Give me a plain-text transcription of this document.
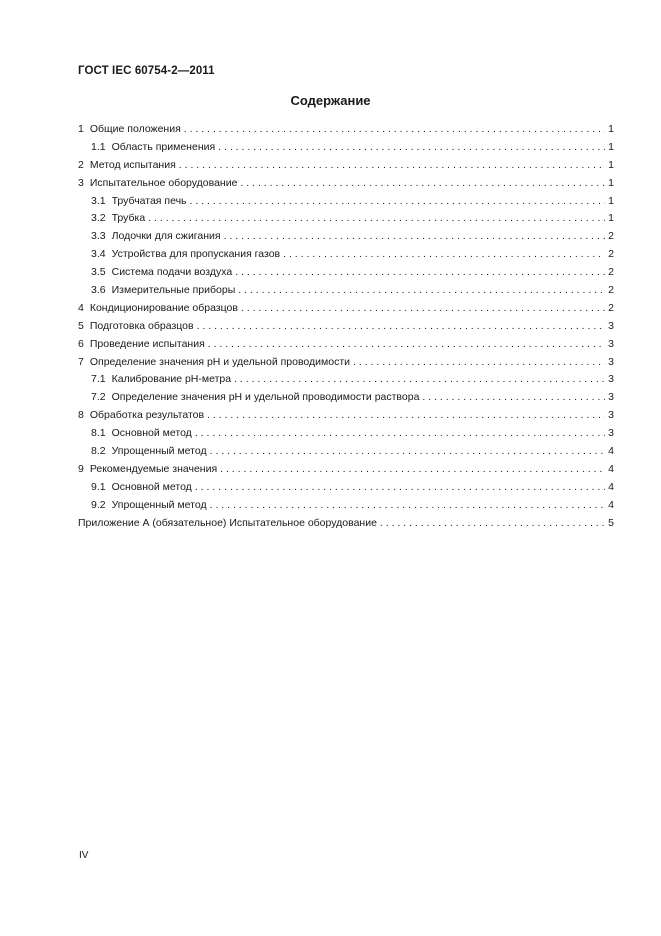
ГОСТ IEC 60754-2—2011
Содержание
1 Общие положения . . .	1
1.1 Область применения . . .	1
2 Метод испытания . . .	1
3 Испытательное оборудование . . .	1
3.1 Трубчатая печь . . .	1
3.2 Трубка . . .	1
3.3 Лодочки для сжигания . . .	2
3.4 Устройства для пропускания газов . . .	2
3.5 Система подачи воздуха . . .	2
3.6 Измерительные приборы . . .	2
4 Кондиционирование образцов . . .	2
5 Подготовка образцов . . .	3
6 Проведение испытания . . .	3
7 Определение значения рН и удельной проводимости . . .	3
7.1 Калибрование рН-метра . . .	3
7.2 Определение значения рН и удельной проводимости раствора . . .	3
8 Обработка результатов . . .	3
8.1 Основной метод . . .	3
8.2 Упрощенный метод . . .	4
9 Рекомендуемые значения . . .	4
9.1 Основной метод . . .	4
9.2 Упрощенный метод . . .	4
Приложение А (обязательное) Испытательное оборудование . . .	5
IV
